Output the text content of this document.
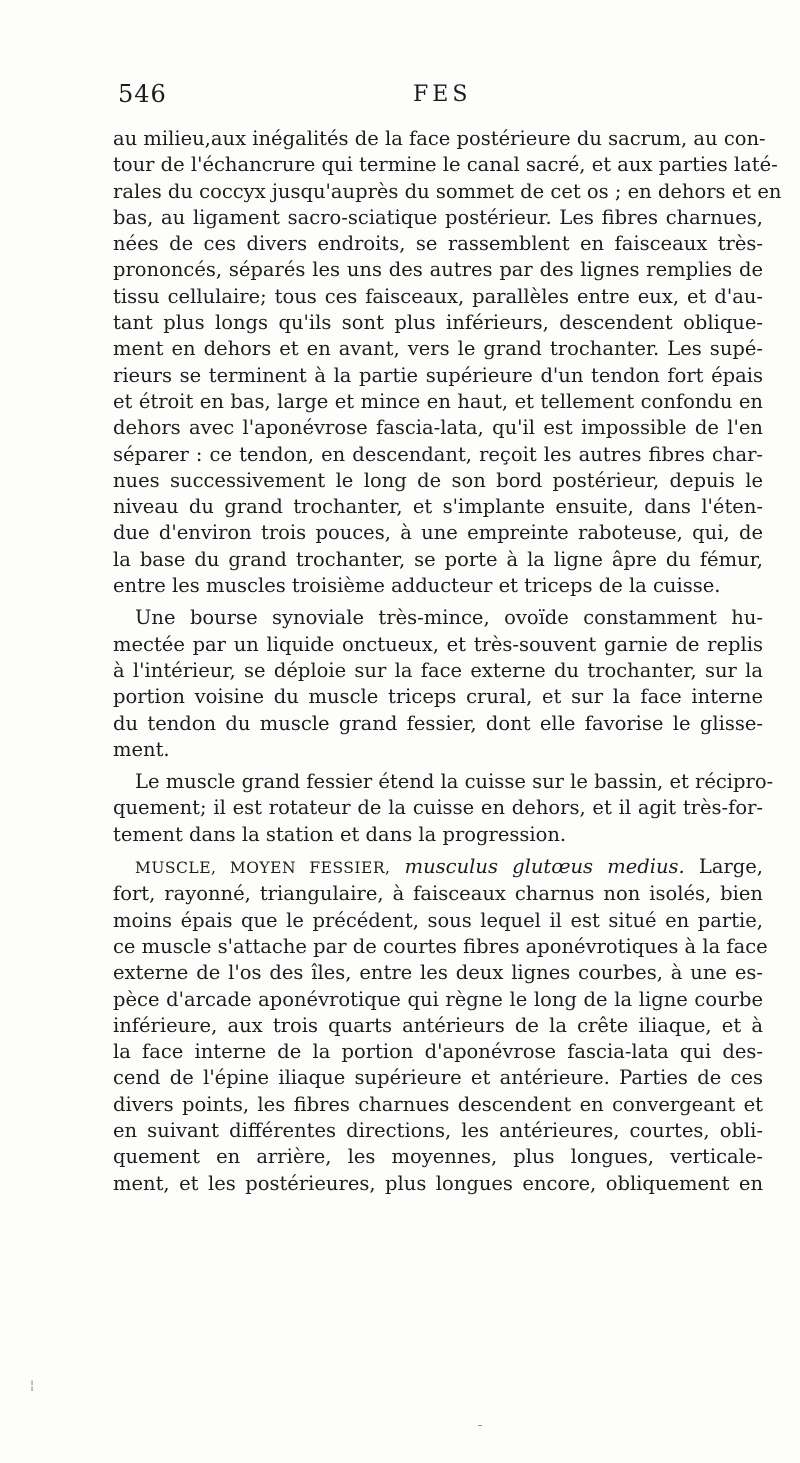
546	FES
au milieu,aux inégalités de la face postérieure du sacrum, au con-
tour de l'échancrure qui termine le canal sacré, et aux parties laté-
rales du coccyx jusqu'auprès du sommet de cet os ; en dehors et en
bas, au ligament sacro-sciatique postérieur. Les fibres charnues,
nées de ces divers endroits, se rassemblent en faisceaux très-
prononcés, séparés les uns des autres par des lignes remplies de
tissu cellulaire; tous ces faisceaux, parallèles entre eux, et d'au-
tant plus longs qu'ils sont plus inférieurs, descendent oblique-
ment en dehors et en avant, vers le grand trochanter. Les supé-
rieurs se terminent à la partie supérieure d'un tendon fort épais
et étroit en bas, large et mince en haut, et tellement confondu en
dehors avec l'aponévrose fascia-lata, qu'il est impossible de l'en
séparer : ce tendon, en descendant, reçoit les autres fibres char-
nues successivement le long de son bord postérieur, depuis le
niveau du grand trochanter, et s'implante ensuite, dans l'éten-
due d'environ trois pouces, à une empreinte raboteuse, qui, de
la base du grand trochanter, se porte à la ligne âpre du fémur,
entre les muscles troisième adducteur et triceps de la cuisse.
Une bourse synoviale très-mince, ovoïde constamment hu-
mectée par un liquide onctueux, et très-souvent garnie de replis
à l'intérieur, se déploie sur la face externe du trochanter, sur la
portion voisine du muscle triceps crural, et sur la face interne
du tendon du muscle grand fessier, dont elle favorise le glisse-
ment.
Le muscle grand fessier étend la cuisse sur le bassin, et récipro-
quement; il est rotateur de la cuisse en dehors, et il agit très-for-
tement dans la station et dans la progression.
MUSCLE, MOYEN FESSIER, musculus glutœus medius. Large,
fort, rayonné, triangulaire, à faisceaux charnus non isolés, bien
moins épais que le précédent, sous lequel il est situé en partie,
ce muscle s'attache par de courtes fibres aponévrotiques à la face
externe de l'os des îles, entre les deux lignes courbes, à une es-
pèce d'arcade aponévrotique qui règne le long de la ligne courbe
inférieure, aux trois quarts antérieurs de la crête iliaque, et à
la face interne de la portion d'aponévrose fascia-lata qui des-
cend de l'épine iliaque supérieure et antérieure. Parties de ces
divers points, les fibres charnues descendent en convergeant et
en suivant différentes directions, les antérieures, courtes, obli-
quement en arrière, les moyennes, plus longues, verticale-
ment, et les postérieures, plus longues encore, obliquement en
¦
-
